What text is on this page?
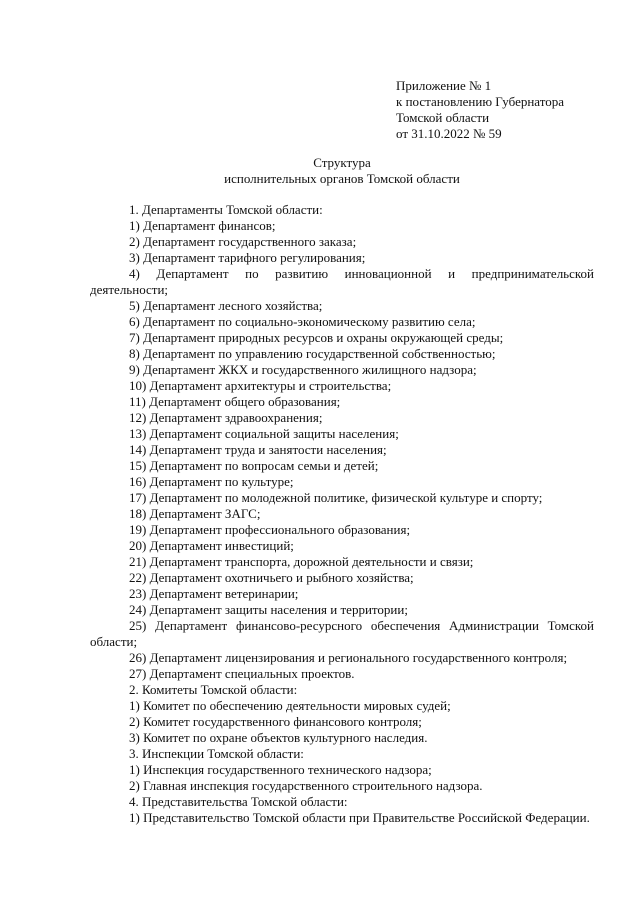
Приложение № 1
к постановлению Губернатора
Томской области
от 31.10.2022 № 59
Структура
исполнительных органов Томской области
1. Департаменты Томской области:
1) Департамент финансов;
2) Департамент государственного заказа;
3) Департамент тарифного регулирования;
4) Департамент по развитию инновационной и предпринимательской деятельности;
5) Департамент лесного хозяйства;
6) Департамент по социально-экономическому развитию села;
7) Департамент природных ресурсов и охраны окружающей среды;
8) Департамент по управлению государственной собственностью;
9) Департамент ЖКХ и государственного жилищного надзора;
10) Департамент архитектуры и строительства;
11) Департамент общего образования;
12) Департамент здравоохранения;
13) Департамент социальной защиты населения;
14) Департамент труда и занятости населения;
15) Департамент по вопросам семьи и детей;
16) Департамент по культуре;
17) Департамент по молодежной политике, физической культуре и спорту;
18) Департамент ЗАГС;
19) Департамент профессионального образования;
20) Департамент инвестиций;
21) Департамент транспорта, дорожной деятельности и связи;
22) Департамент охотничьего и рыбного хозяйства;
23) Департамент ветеринарии;
24) Департамент защиты населения и территории;
25) Департамент финансово-ресурсного обеспечения Администрации Томской области;
26) Департамент лицензирования и регионального государственного контроля;
27) Департамент специальных проектов.
2. Комитеты Томской области:
1) Комитет по обеспечению деятельности мировых судей;
2) Комитет государственного финансового контроля;
3) Комитет по охране объектов культурного наследия.
3. Инспекции Томской области:
1) Инспекция государственного технического надзора;
2) Главная инспекция государственного строительного надзора.
4. Представительства Томской области:
1) Представительство Томской области при Правительстве Российской Федерации.
